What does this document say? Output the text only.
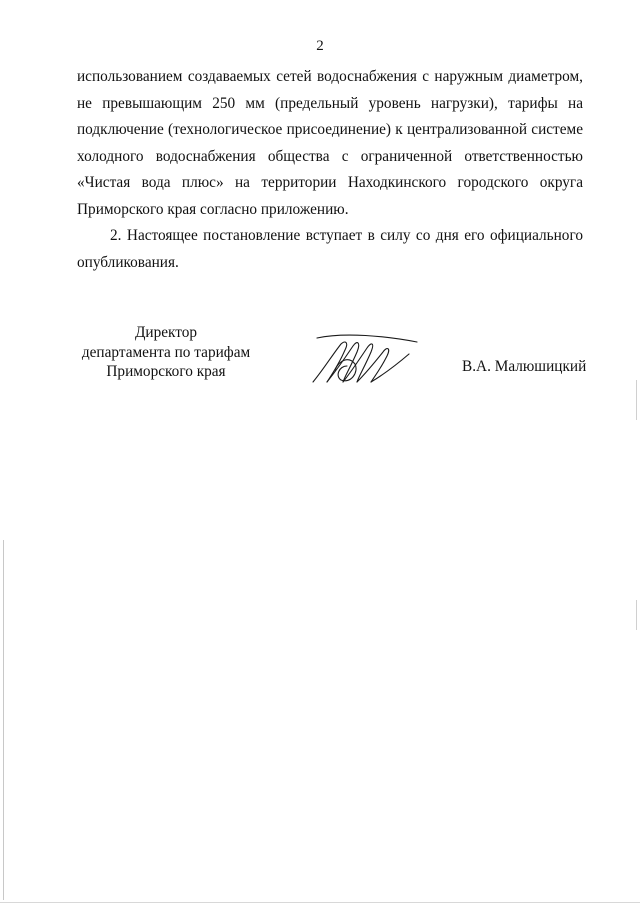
2
использованием создаваемых сетей водоснабжения с наружным диаметром,
не превышающим 250 мм (предельный уровень нагрузки), тарифы на
подключение (технологическое присоединение) к централизованной системе
холодного водоснабжения общества с ограниченной ответственностью
«Чистая вода плюс» на территории Находкинского городского округа
Приморского края согласно приложению.
2. Настоящее постановление вступает в силу со дня его официального
опубликования.
Директор
департамента по тарифам
Приморского края	В.А. Малюшицкий
